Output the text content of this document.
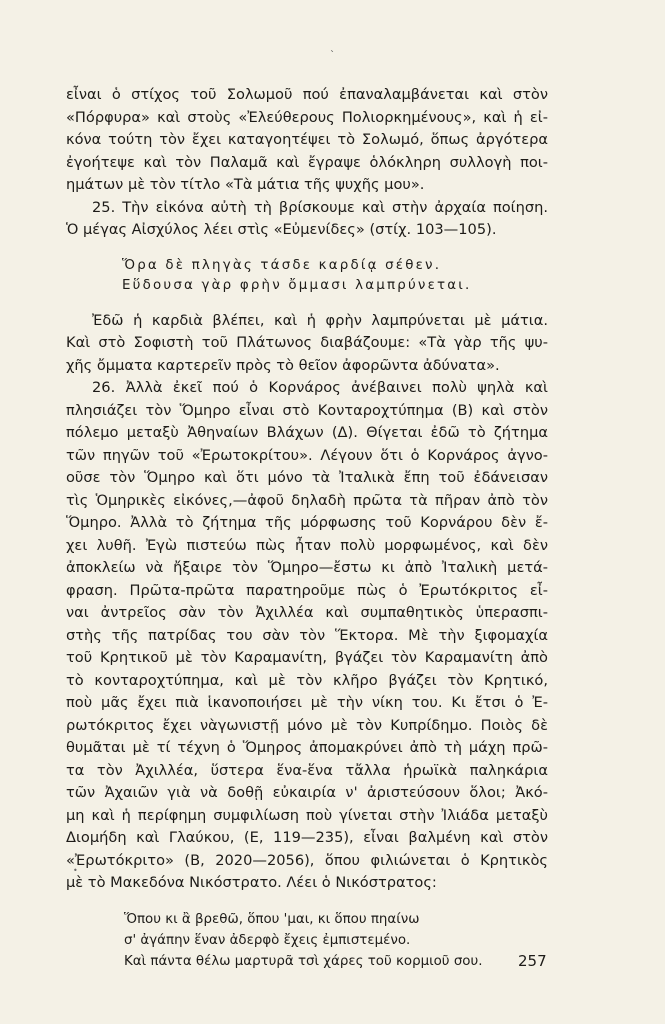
`
εἶναι ὁ στίχος τοῦ Σολωμοῦ πού ἐπαναλαμβάνεται καὶ στὸν
«Πόρφυρα» καὶ στοὺς «Ἐλεύθερους Πολιορκημένους», καὶ ἡ εἰ-
κόνα τούτη τὸν ἔχει καταγοητέψει τὸ Σολωμό, ὅπως ἀργότερα
ἐγοήτεψε καὶ τὸν Παλαμᾶ καὶ ἔγραψε ὁλόκληρη συλλογὴ ποι-
ημάτων μὲ τὸν τίτλο «Τὰ μάτια τῆς ψυχῆς μου».
25. Τὴν εἰκόνα αὐτὴ τὴ βρίσκουμε καὶ στὴν ἀρχαία ποίηση.
Ὁ μέγας Αἰσχύλος λέει στὶς «Εὐμενίδες» (στίχ. 103—105).
Ὅρα δὲ πληγὰς τάσδε καρδίᾳ σέθεν.
Εὕδουσα γὰρ φρὴν ὄμμασι λαμπρύνεται.
Ἐδῶ ἡ καρδιὰ βλέπει, καὶ ἡ φρὴν λαμπρύνεται μὲ μάτια.
Καὶ στὸ Σοφιστὴ τοῦ Πλάτωνος διαβάζουμε: «Τὰ γὰρ τῆς ψυ-
χῆς ὄμματα καρτερεῖν πρὸς τὸ θεῖον ἀφορῶντα ἀδύνατα».
26. Ἀλλὰ ἐκεῖ πού ὁ Κορνάρος ἀνέβαινει πολὺ ψηλὰ καὶ
πλησιάζει τὸν Ὅμηρο εἶναι στὸ Κονταροχτύπημα (Β) καὶ στὸν
πόλεμο μεταξὺ Ἀθηναίων Βλάχων (Δ). Θίγεται ἐδῶ τὸ ζήτημα
τῶν πηγῶν τοῦ «Ἐρωτοκρίτου». Λέγουν ὅτι ὁ Κορνάρος ἀγνο-
οῦσε τὸν Ὅμηρο καὶ ὅτι μόνο τὰ Ἰταλικὰ ἔπη τοῦ ἐδάνεισαν
τὶς Ὁμηρικὲς εἰκόνες,—ἀφοῦ δηλαδὴ πρῶτα τὰ πῆραν ἀπὸ τὸν
Ὅμηρο. Ἀλλὰ τὸ ζήτημα τῆς μόρφωσης τοῦ Κορνάρου δὲν ἔ-
χει λυθῆ. Ἐγὼ πιστεύω πὼς ἦταν πολὺ μορφωμένος, καὶ δὲν
ἀποκλείω νὰ ἤξαιρε τὸν Ὅμηρο—ἔστω κι ἀπὸ Ἰταλικὴ μετά-
φραση. Πρῶτα-πρῶτα παρατηροῦμε πὼς ὁ Ἐρωτόκριτος εἶ-
ναι ἀντρεῖος σὰν τὸν Ἀχιλλέα καὶ συμπαθητικὸς ὑπερασπι-
στὴς τῆς πατρίδας του σὰν τὸν Ἕκτορα. Μὲ τὴν ξιφομαχία
τοῦ Κρητικοῦ μὲ τὸν Καραμανίτη, βγάζει τὸν Καραμανίτη ἀπὸ
τὸ κονταροχτύπημα, καὶ μὲ τὸν κλῆρο βγάζει τὸν Κρητικό,
ποὺ μᾶς ἔχει πιὰ ἱκανοποιήσει μὲ τὴν νίκη του. Κι ἔτσι ὁ Ἐ-
ρωτόκριτος ἔχει νὰγωνιστῇ μόνο μὲ τὸν Κυπρίδημο. Ποιὸς δὲ
θυμᾶται μὲ τί τέχνη ὁ Ὅμηρος ἀπομακρύνει ἀπὸ τὴ μάχη πρῶ-
τα τὸν Ἀχιλλέα, ὕστερα ἕνα-ἕνα τἄλλα ἡρωϊκὰ παληκάρια
τῶν Ἀχαιῶν γιὰ νὰ δοθῇ εὐκαιρία ν' ἀριστεύσουν ὅλοι; Ἀκό-
μη καὶ ἡ περίφημη συμφιλίωση ποὺ γίνεται στὴν Ἰλιάδα μεταξὺ
Διομήδη καὶ Γλαύκου, (Ε, 119—235), εἶναι βαλμένη καὶ στὸν
«Ἐρωτόκριτο» (Β, 2020—2056), ὅπου φιλιώνεται ὁ Κρητικὸς
μὲ τὸ Μακεδόνα Νικόστρατο. Λέει ὁ Νικόστρατος:
Ὅπου κι ἂ βρεθῶ, ὅπου 'μαι, κι ὅπου πηαίνω
σ' ἀγάπην ἕναν ἀδερφὸ ἔχεις ἐμπιστεμένο.
Καὶ πάντα θέλω μαρτυρᾶ τσὶ χάρες τοῦ κορμιοῦ σου.
•
257
